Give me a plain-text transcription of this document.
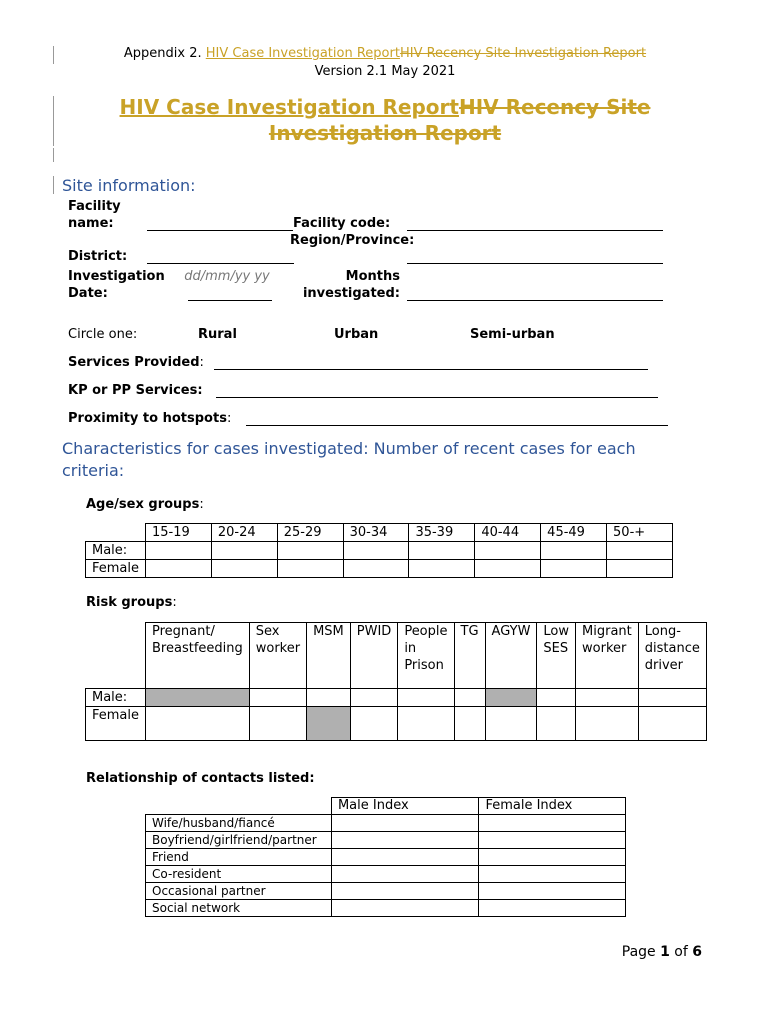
Appendix 2. HIV Case Investigation ReportHIV Recency Site Investigation Report
Version 2.1 May 2021
HIV Case Investigation ReportHIV Recency Site Investigation Report
Site information:
Facility name:	Facility code:
District:
Region/Province:
Investigation Date:
dd/mm/yy yy	Months investigated:
Circle one:	Rural	Urban	Semi-urban
Services Provided:
KP or PP Services:
Proximity to hotspots:
Characteristics for cases investigated: Number of recent cases for each criteria:
Age/sex groups:
	15-19	20-24	25-29	30-34	35-39	40-44	45-49	50-+
Male:								
Female								
Risk groups:
	Pregnant/ Breastfeeding	Sex worker	MSM	PWID	People in Prison	TG	AGYW	Low SES	Migrant worker	Long-distance driver
Male:										
Female										
Relationship of contacts listed:
	Male Index	Female Index
Wife/husband/fiancé		
Boyfriend/girlfriend/partner		
Friend		
Co-resident		
Occasional partner		
Social network		
Page 1 of 6
